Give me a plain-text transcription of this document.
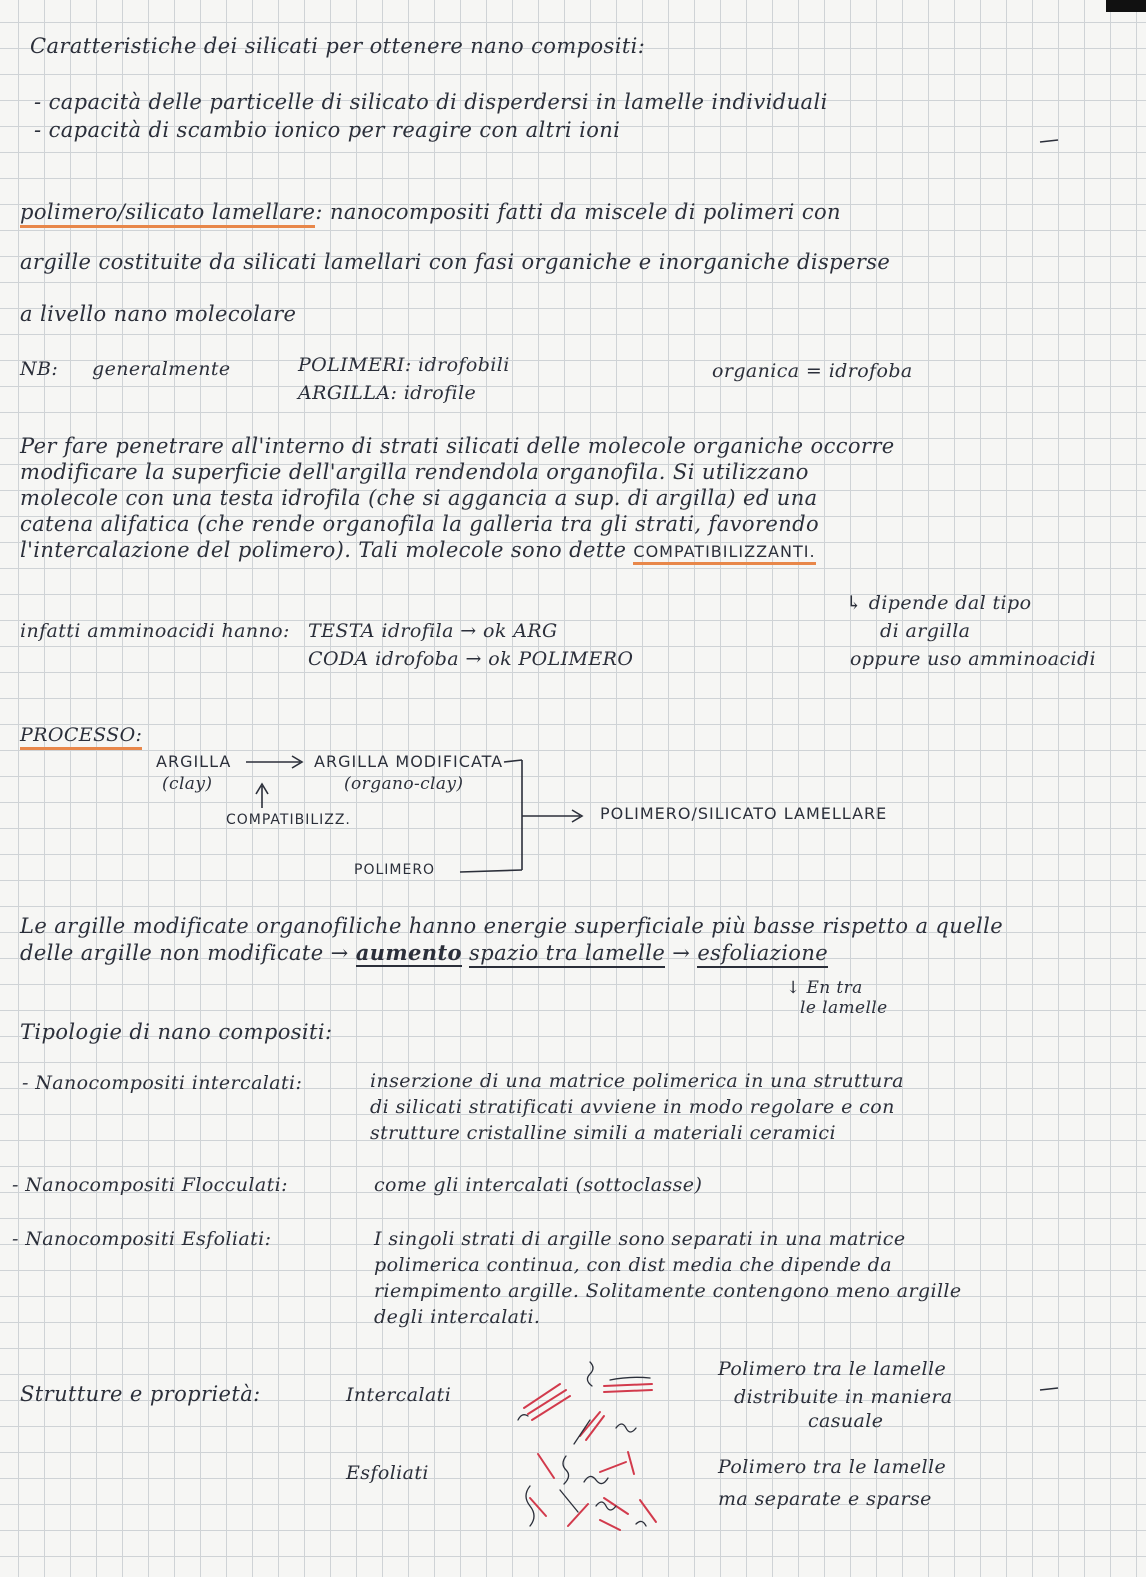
Caratteristiche dei silicati per ottenere nano compositi:
- capacità delle particelle di silicato di disperdersi in lamelle individuali
- capacità di scambio ionico per reagire con altri ioni
polimero/silicato lamellare: nanocompositi fatti da miscele di polimeri con
argille costituite da silicati lamellari con fasi organiche e inorganiche disperse
a livello nano molecolare
NB: generalmente	POLIMERI: idrofobili
ARGILLA: idrofile
organica = idrofoba
Per fare penetrare all'interno di strati silicati delle molecole organiche occorre
modificare la superficie dell'argilla rendendola organofila. Si utilizzano
molecole con una testa idrofila (che si aggancia a sup. di argilla) ed una
catena alifatica (che rende organofila la galleria tra gli strati, favorendo
l'intercalazione del polimero). Tali molecole sono dette COMPATIBILIZZANTI.
↳ dipende dal tipo
di argilla
oppure uso amminoacidi
infatti amminoacidi hanno: TESTA idrofila → ok ARG
CODA idrofoba → ok POLIMERO
PROCESSO:
ARGILLA
(clay)
ARGILLA MODIFICATA
(organo-clay)
COMPATIBILIZZ.
POLIMERO
POLIMERO/SILICATO LAMELLARE
Le argille modificate organofiliche hanno energie superficiale più basse rispetto a quelle
delle argille non modificate → aumento spazio tra lamelle → esfoliazione
↓ En tra
le lamelle
Tipologie di nano compositi:
- Nanocompositi intercalati:	inserzione di una matrice polimerica in una struttura
di silicati stratificati avviene in modo regolare e con
strutture cristalline simili a materiali ceramici
- Nanocompositi Flocculati:	come gli intercalati (sottoclasse)
- Nanocompositi Esfoliati:	I singoli strati di argille sono separati in una matrice
polimerica continua, con dist media che dipende da
riempimento argille. Solitamente contengono meno argille
degli intercalati.
Strutture e proprietà:	Intercalati
Polimero tra le lamelle
distribuite in maniera
casuale
Esfoliati	Polimero tra le lamelle
ma separate e sparse
